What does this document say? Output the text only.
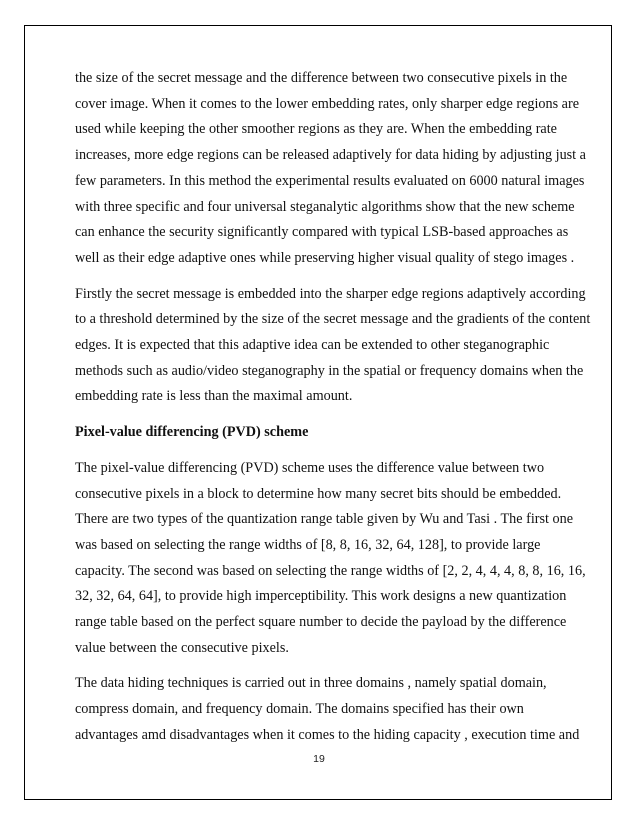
the size of the secret message and the difference between two consecutive pixels in the
cover image. When it comes to the lower embedding rates, only sharper edge regions are
used while keeping the other smoother regions as they are. When the embedding rate
increases, more edge regions can be released adaptively for data hiding by adjusting just a
few parameters. In this method the experimental results evaluated on 6000 natural images
with three specific and four universal steganalytic algorithms show that the new scheme
can enhance the security significantly compared with typical LSB-based approaches as
well as their edge adaptive ones while preserving higher visual quality of stego images .
Firstly the secret message is embedded into the sharper edge regions adaptively according
to a threshold determined by the size of the secret message and the gradients of the content
edges. It is expected that this adaptive idea can be extended to other steganographic
methods such as audio/video steganography in the spatial or frequency domains when the
embedding rate is less than the maximal amount.
Pixel-value differencing (PVD) scheme
The pixel-value differencing (PVD) scheme uses the difference value between two
consecutive pixels in a block to determine how many secret bits should be embedded.
There are two types of the quantization range table given by Wu and Tasi . The first one
was based on selecting the range widths of [8, 8, 16, 32, 64, 128], to provide large
capacity. The second was based on selecting the range widths of [2, 2, 4, 4, 4, 8, 8, 16, 16,
32, 32, 64, 64], to provide high imperceptibility. This work designs a new quantization
range table based on the perfect square number to decide the payload by the difference
value between the consecutive pixels.
The data hiding techniques is carried out in three domains , namely spatial domain,
compress domain, and frequency domain. The domains specified has their own
advantages amd disadvantages when it comes to the hiding capacity , execution time and
19
